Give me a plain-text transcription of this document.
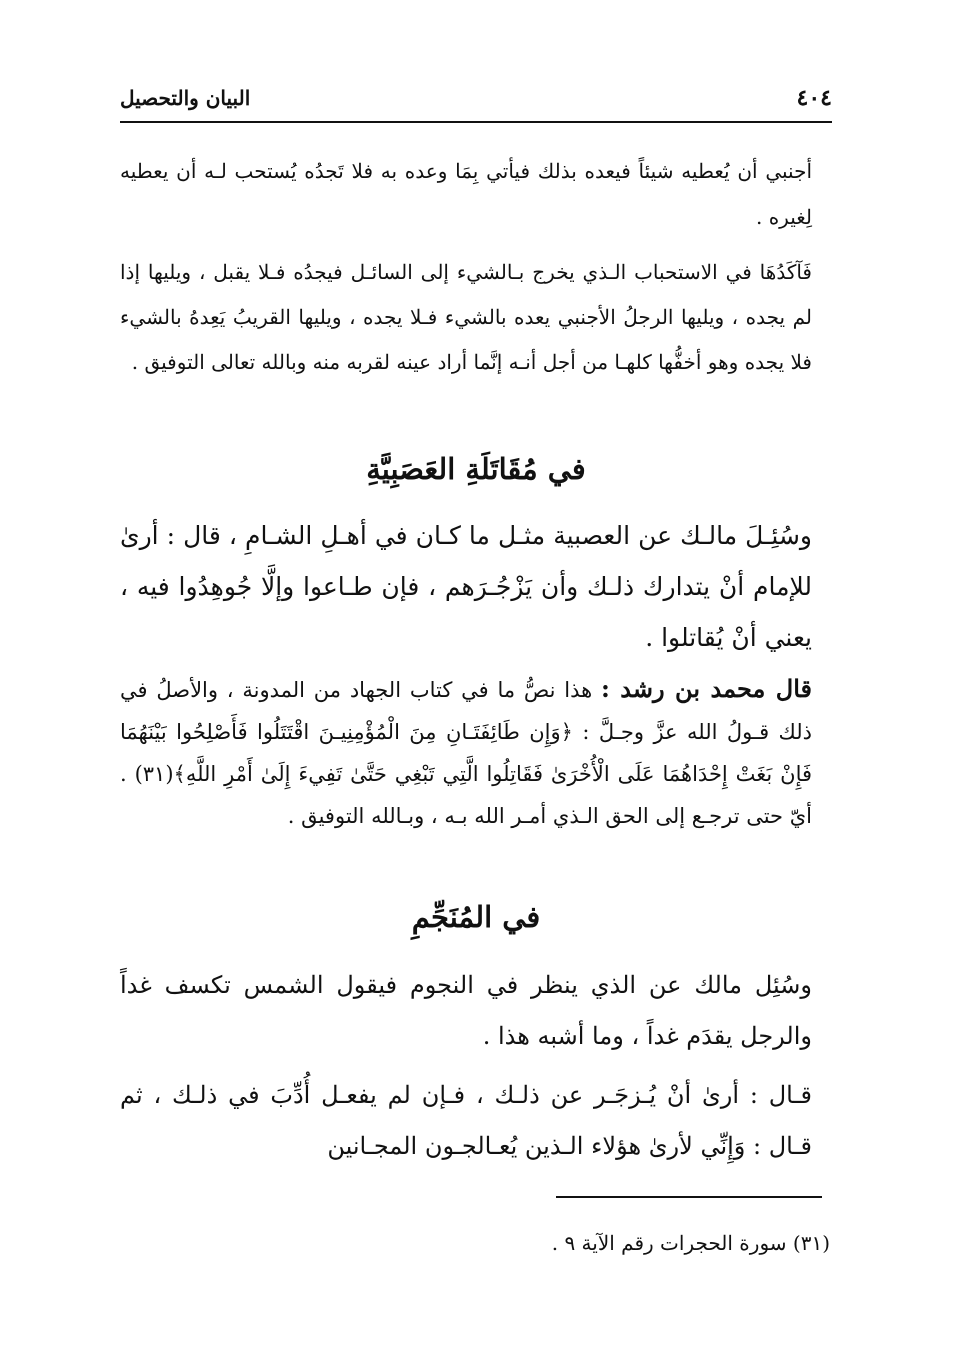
البيان والتحصيل	٤٠٤
أجنبي أن يُعطيه شيئاً فيعده بذلك فيأتي بِمَا وعده به فلا تَجدُه يُستحب لـه أن يعطيه لِغيره .
فَآكَدُهَا في الاستحباب الـذي يخرج بـالشيء إلى السائـل فيجدُه فـلا يقبل ، ويليها إذا لم يجده ، ويليها الرجلُ الأجنبي يعده بالشيء فـلا يجده ، ويليها القريبُ يَعِدهُ بالشيء فلا يجده وهو أخفُّها كلهـا من أجل أنـه إنَّما أراد عينه لقربه منه وبالله تعالى التوفيق .
في مُقَاتَلَةِ العَصَبِيَّةِ
وسُئِـلَ مالـك عن العصبية مثـل ما كـان في أهـلِ الشـامِ ، قال : أرىٰ للإمام أنْ يتدارك ذلـك وأن يَزْجُـرَهم ، فإن طـاعوا وإلَّا جُوهِدُوا فيه ، يعني أنْ يُقاتلوا .
قال محمد بن رشد : هذا نصُّ ما في كتاب الجهاد من المدونة ، والأصلُ في ذلك قـولُ الله عزَّ وجـلَّ : ﴿وَإِن طَائِفَتَـانِ مِنَ الْمُؤْمِنِيـنَ اقْتَتَلُوا فَأَصْلِحُوا بَيْنَهُمَا فَإِنْ بَغَتْ إِحْدَاهُمَا عَلَى الْأُخْرَىٰ فَقَاتِلُوا الَّتِي تَبْغِي حَتَّىٰ تَفِيءَ إِلَىٰ أَمْرِ اللَّهِ﴾(٣١) . أيّ حتى ترجـع إلى الحق الـذي أمـر الله بـه ، وبـالله التوفيق .
في المُنَجِّمِ
وسُئِل مالك عن الذي ينظر في النجوم فيقول الشمس تكسف غداً والرجل يقدَم غداً ، وما أشبه هذا .
قـال : أرىٰ أنْ يُـزجَـر عن ذلـك ، فـإن لم يفعـل أُدِّبَ في ذلـك ، ثم قـال : وَإِنِّي لأرىٰ هؤلاء الـذين يُعـالجـون المجـانين
(٣١) سورة الحجرات رقم الآية ٩ .
